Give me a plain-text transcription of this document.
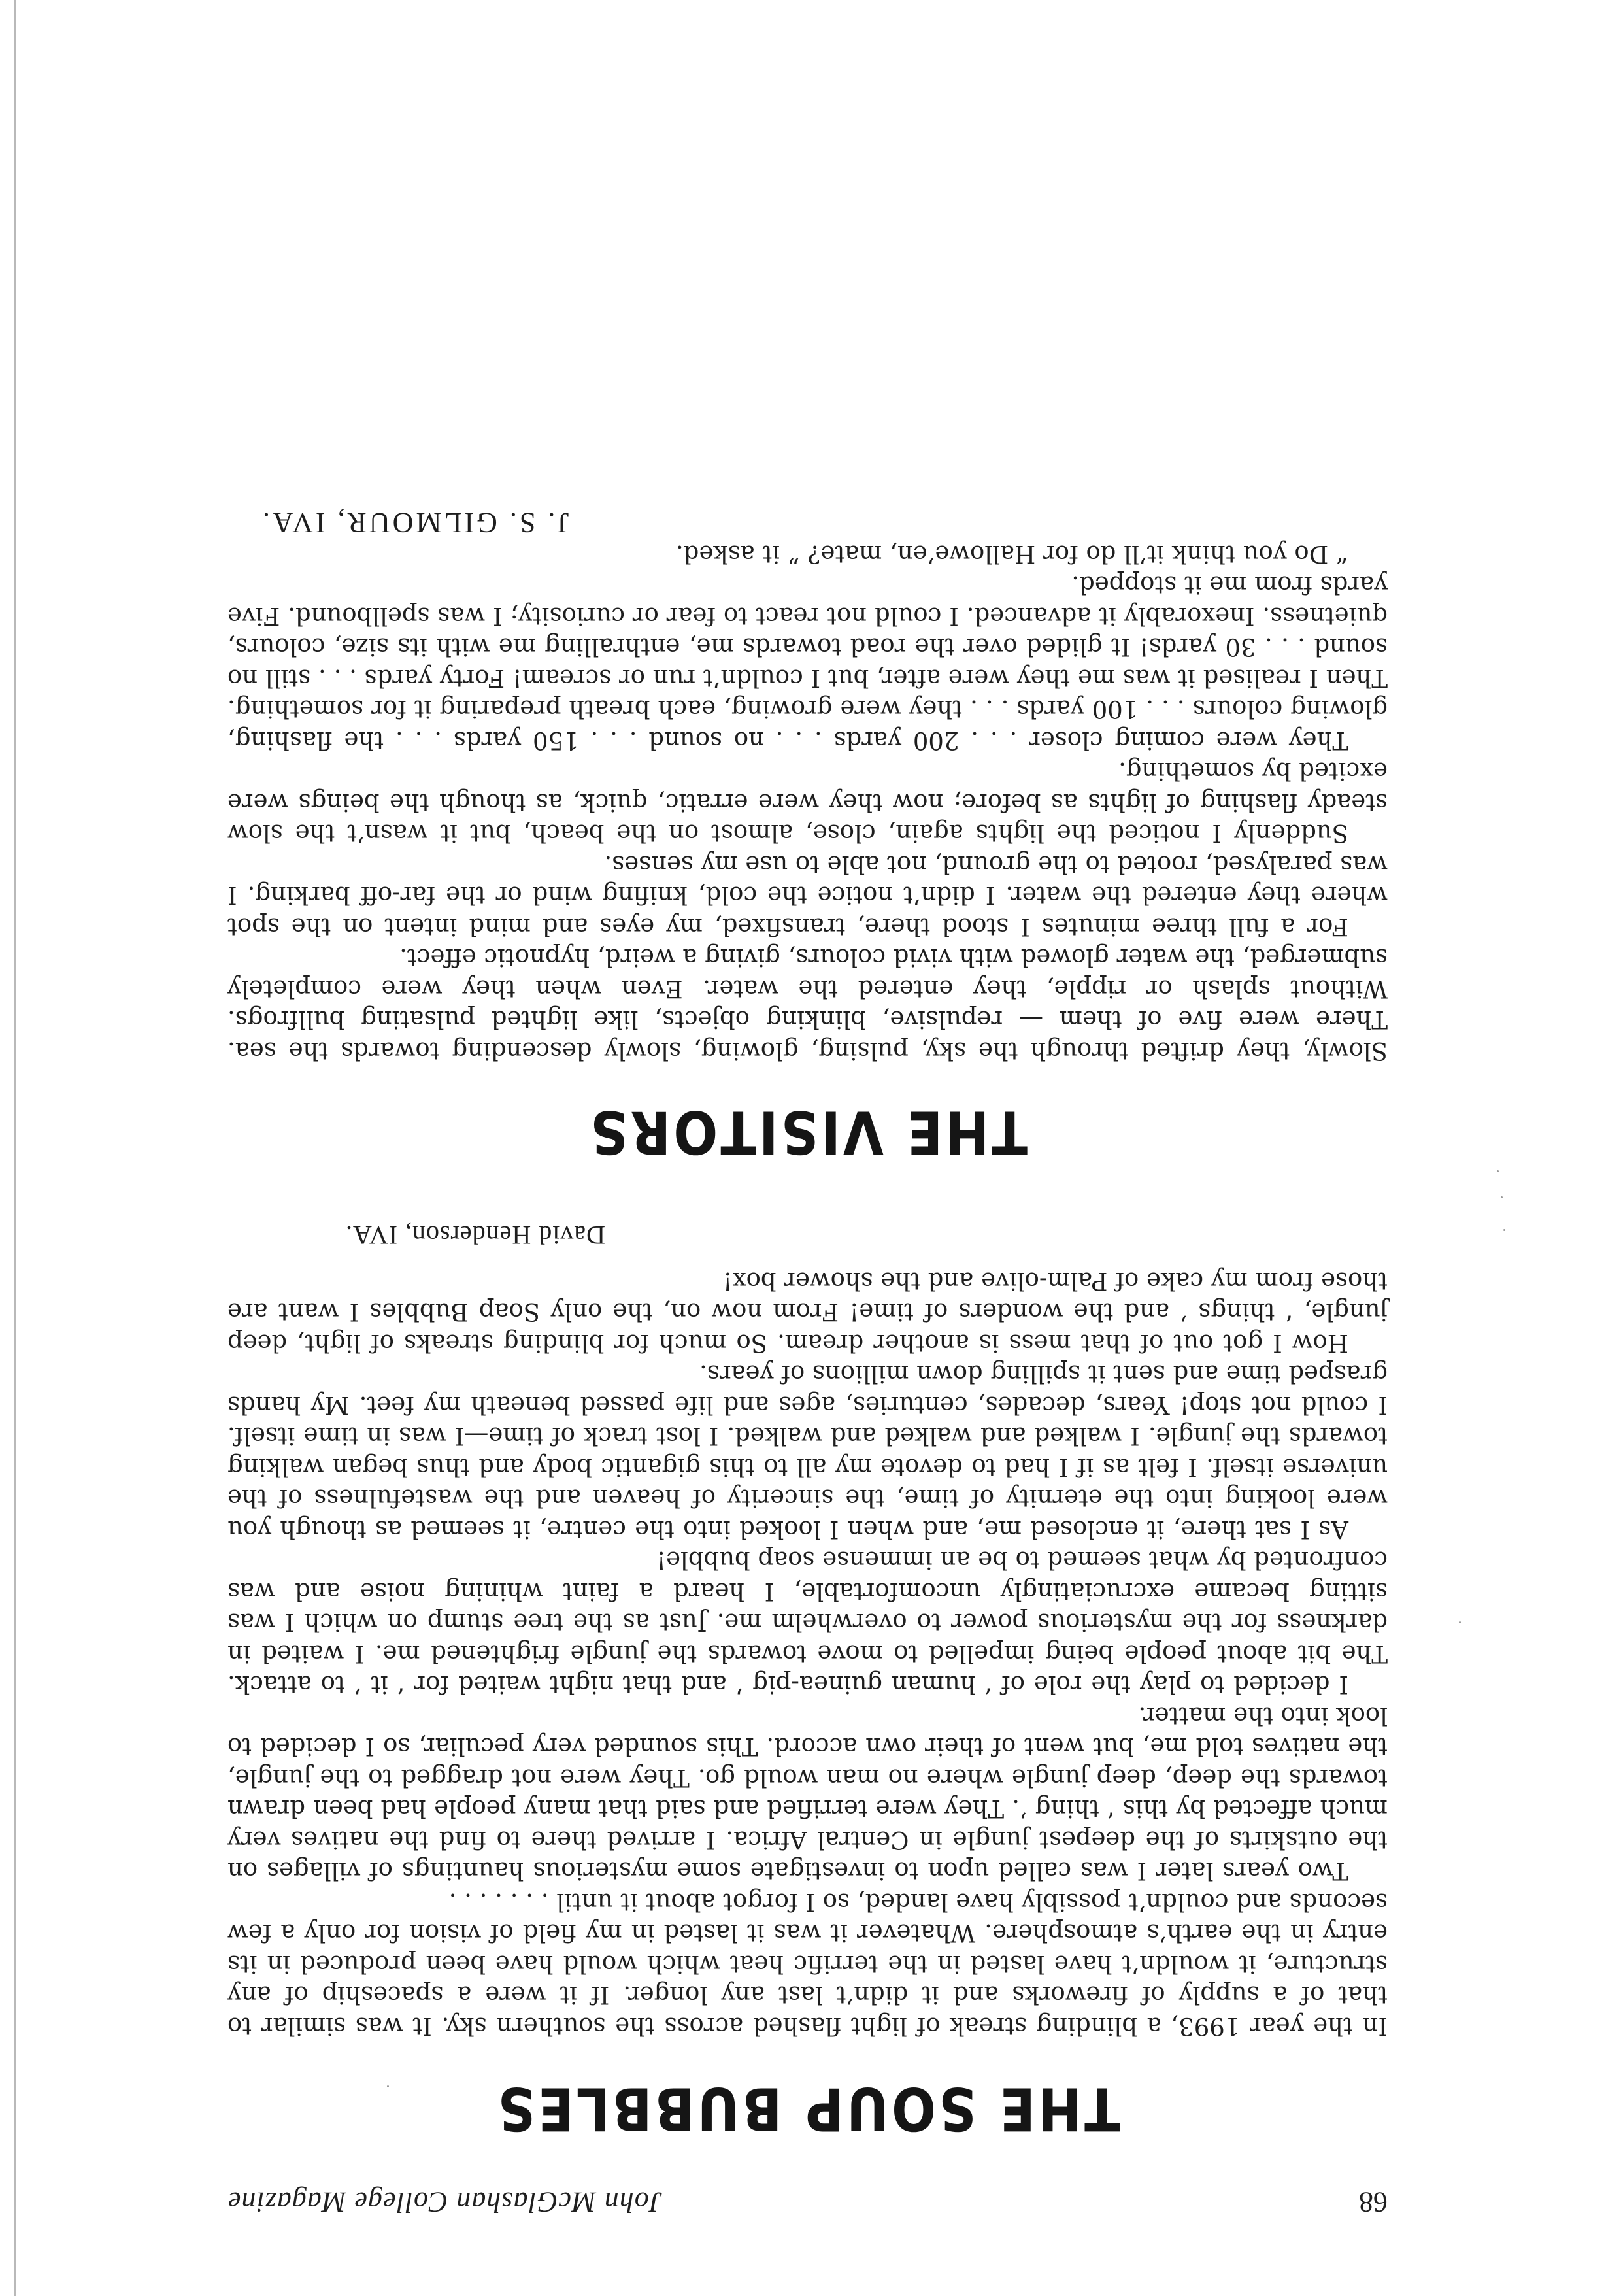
68
John McGlashan College Magazine
THE SOUP BUBBLES

In the year 1993, a blinding streak of light flashed across the southern sky. It was similar to that of a supply of fireworks and it didn’t last any longer. If it were a spaceship of any structure, it wouldn’t have lasted in the terrific heat which would have been produced in its entry in the earth’s atmosphere. Whatever it was it lasted in my field of vision for only a few seconds and couldn’t possibly have landed, so I forgot about it until . . . . . . .

Two years later I was called upon to investigate some mysterious hauntings of villages on the outskirts of the deepest jungle in Central Africa. I arrived there to find the natives very much affected by this ‘ thing ’. They were terrified and said that many people had been drawn towards the deep, deep jungle where no man would go. They were not dragged to the jungle, the natives told me, but went of their own accord. This sounded very peculiar, so I decided to look into the matter.

I decided to play the role of ‘ human guinea-pig ’ and that night waited for ‘ it ’ to attack. The bit about people being impelled to move towards the jungle frightened me. I waited in darkness for the mysterious power to overwhelm me. Just as the tree stump on which I was sitting became excruciatingly uncomfortable, I heard a faint whining noise and was confronted by what seemed to be an immense soap bubble!

As I sat there, it enclosed me, and when I looked into the centre, it seemed as though you were looking into the eternity of time, the sincerity of heaven and the wastefulness of the universe itself. I felt as if I had to devote my all to this gigantic body and thus began walking towards the jungle. I walked and walked and walked. I lost track of time—I was in time itself. I could not stop! Years, decades, centuries, ages and life passed beneath my feet. My hands grasped time and sent it spilling down millions of years.

How I got out of that mess is another dream. So much for blinding streaks of light, deep jungle, ‘ things ’ and the wonders of time! From now on, the only Soap Bubbles I want are those from my cake of Palm-olive and the shower box!

David Henderson, IVA.
THE VISITORS

Slowly, they drifted through the sky, pulsing, glowing, slowly descending towards the sea. There were five of them — repulsive, blinking objects, like lighted pulsating bullfrogs. Without splash or ripple, they entered the water. Even when they were completely submerged, the water glowed with vivid colours, giving a weird, hypnotic effect.

For a full three minutes I stood there, transfixed, my eyes and mind intent on the spot where they entered the water. I didn’t notice the cold, knifing wind or the far-off barking. I was paralysed, rooted to the ground, not able to use my senses.

Suddenly I noticed the lights again, close, almost on the beach, but it wasn’t the slow steady flashing of lights as before; now they were erratic, quick, as though the beings were excited by something.

They were coming closer . . . 200 yards . . . no sound . . . 150 yards . . . the flashing, glowing colours . . . 100 yards . . . they were growing, each breath preparing it for something. Then I realised it was me they were after, but I couldn’t run or scream! Forty yards . . . still no sound . . . 30 yards! It glided over the road towards me, enthralling me with its size, colours, quietness. Inexorably it advanced. I could not react to fear or curiosity; I was spellbound. Five yards from me it stopped.

“ Do you think it’ll do for Hallowe’en, mate? ” it asked.

J. S. GILMOUR, IVA.
